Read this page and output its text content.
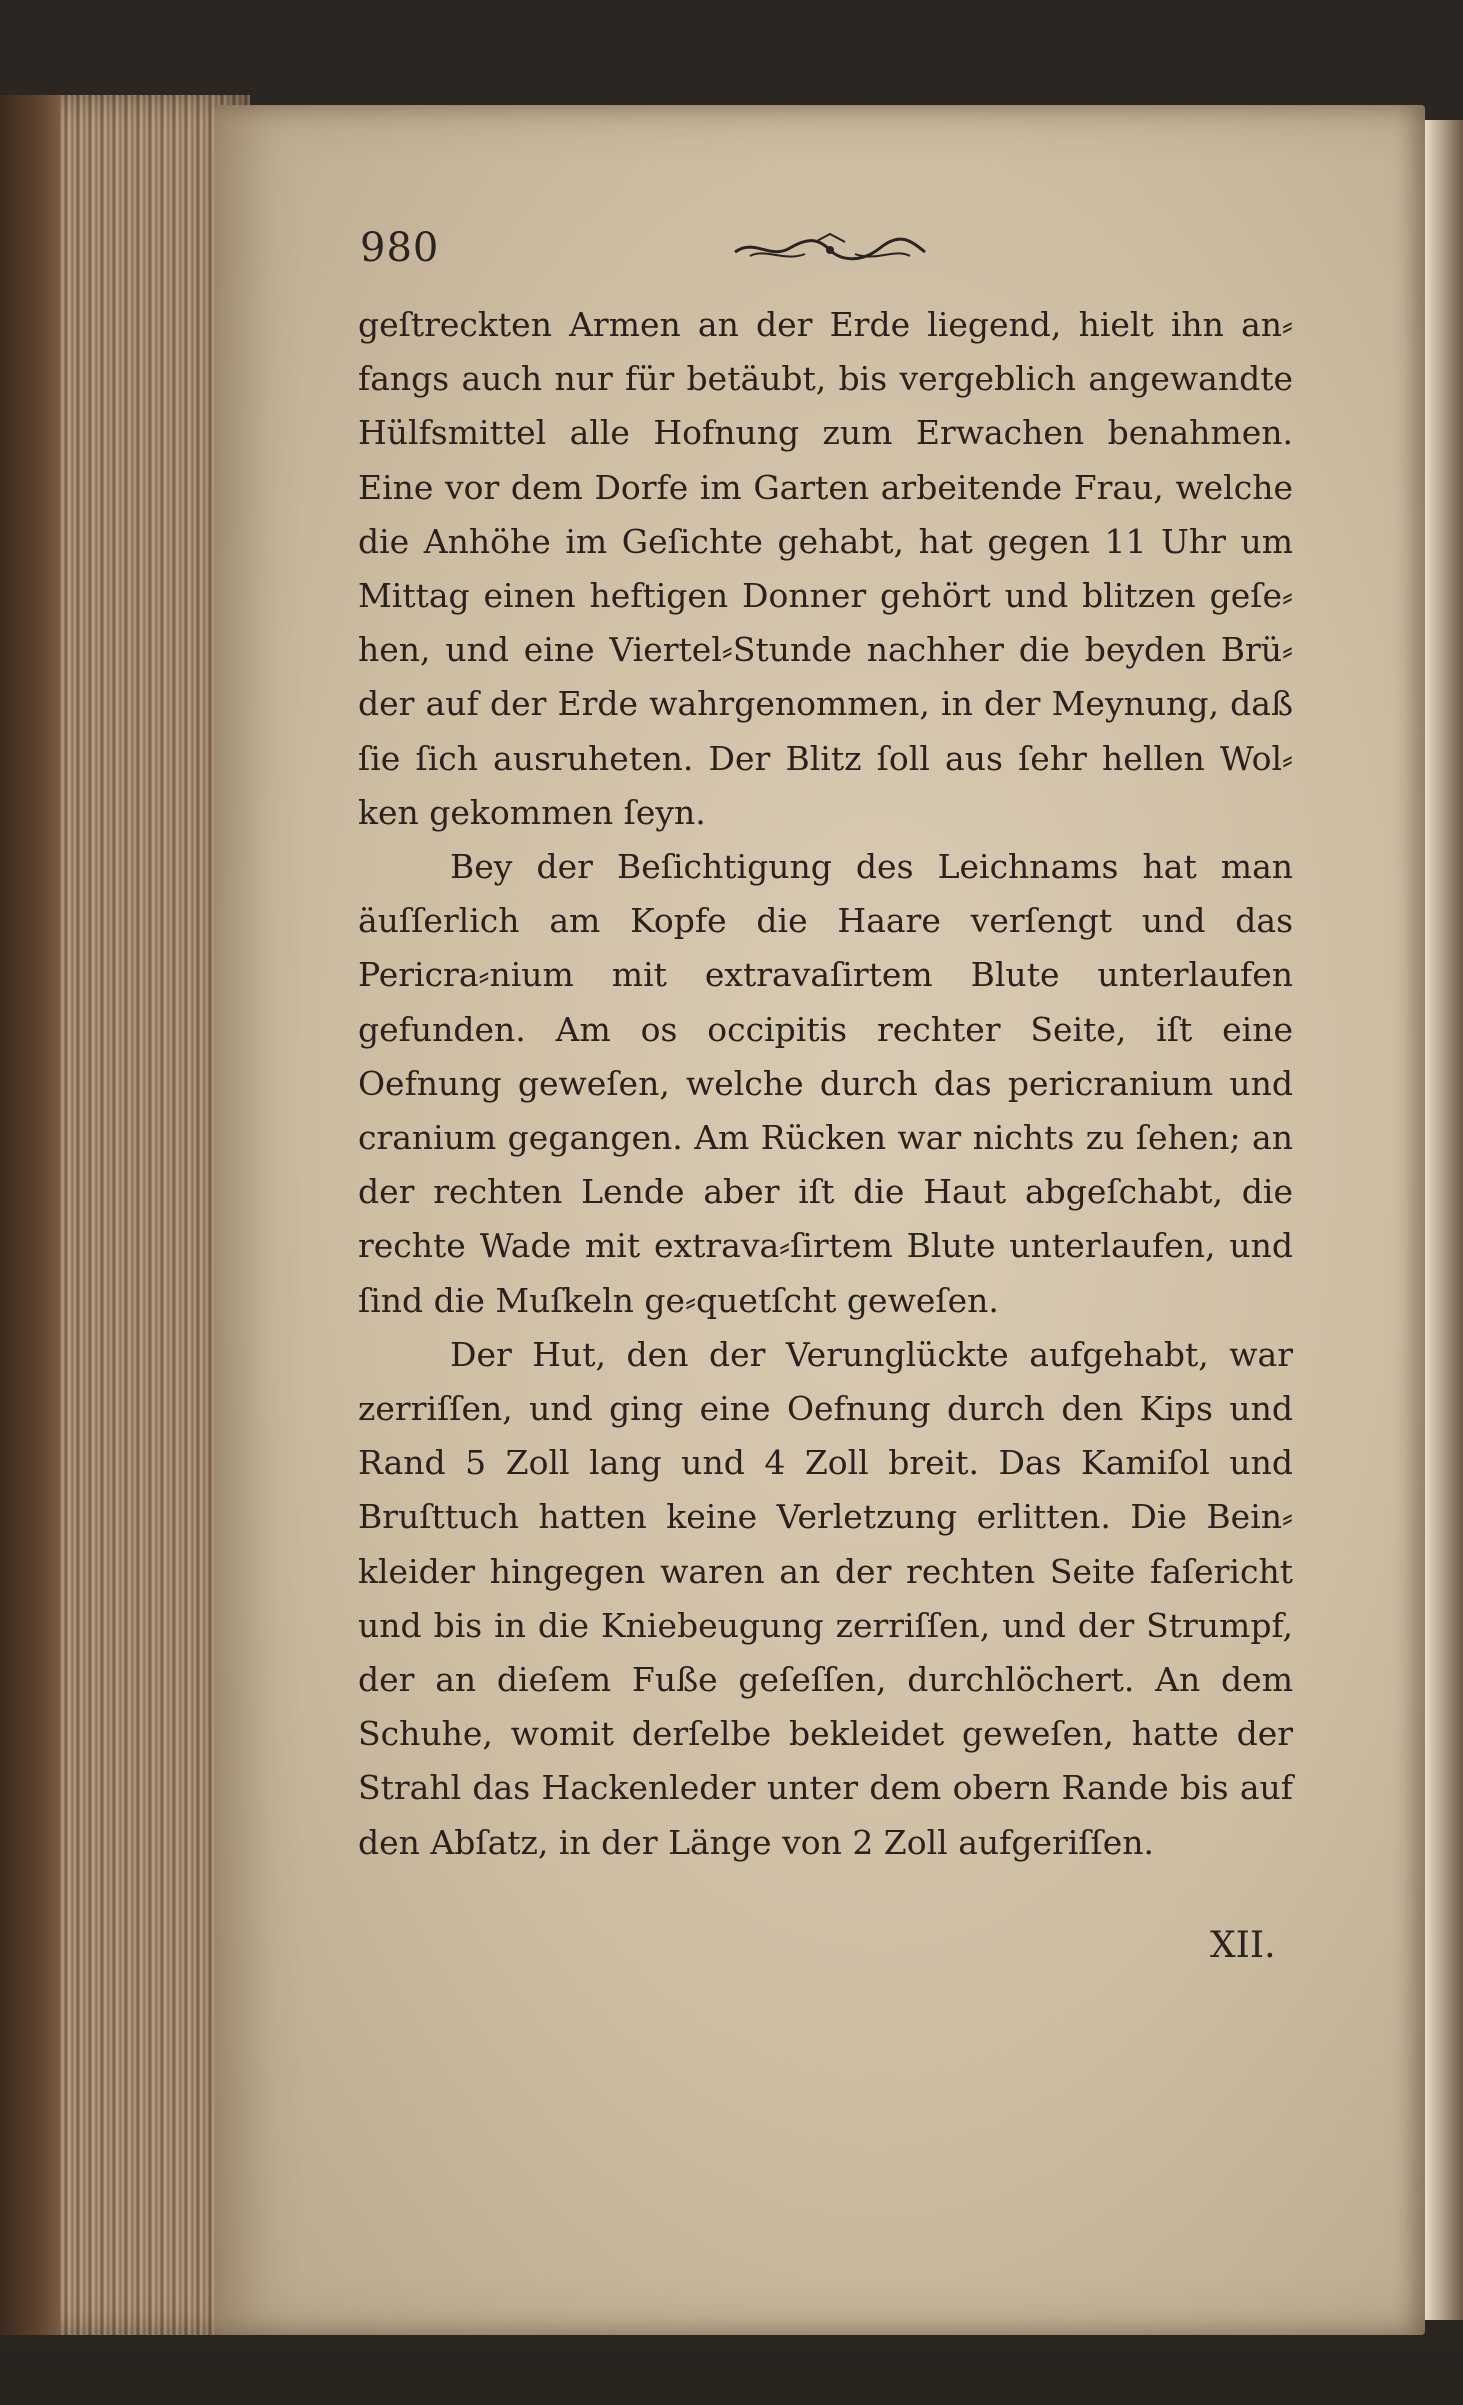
980

geſtreckten Armen an der Erde liegend, hielt ihn an⸗fangs auch nur für betäubt, bis vergeblich angewandte Hülfsmittel alle Hofnung zum Erwachen benahmen. Eine vor dem Dorfe im Garten arbeitende Frau, welche die Anhöhe im Geſichte gehabt, hat gegen 11 Uhr um Mittag einen heftigen Donner gehört und blitzen geſe⸗hen, und eine Viertel⸗Stunde nachher die beyden Brü⸗der auf der Erde wahrgenommen, in der Meynung, daß ſie ſich ausruheten. Der Blitz ſoll aus ſehr hellen Wol⸗ken gekommen ſeyn.

Bey der Beſichtigung des Leichnams hat man äuſſerlich am Kopfe die Haare verſengt und das Pericra⸗nium mit extravaſirtem Blute unterlaufen gefunden. Am os occipitis rechter Seite, iſt eine Oefnung geweſen, welche durch das pericranium und cranium gegangen. Am Rücken war nichts zu ſehen; an der rechten Lende aber iſt die Haut abgeſchabt, die rechte Wade mit extrava⸗ſirtem Blute unterlaufen, und ſind die Muſkeln ge⸗quetſcht geweſen.

Der Hut, den der Verunglückte aufgehabt, war zerriſſen, und ging eine Oefnung durch den Kips und Rand 5 Zoll lang und 4 Zoll breit. Das Kamiſol und Bruſttuch hatten keine Verletzung erlitten. Die Bein⸗kleider hingegen waren an der rechten Seite faſericht und bis in die Kniebeugung zerriſſen, und der Strumpf, der an dieſem Fuße geſeſſen, durchlöchert. An dem Schuhe, womit derſelbe bekleidet geweſen, hatte der Strahl das Hackenleder unter dem obern Rande bis auf den Abſatz, in der Länge von 2 Zoll aufgeriſſen.

XII.
